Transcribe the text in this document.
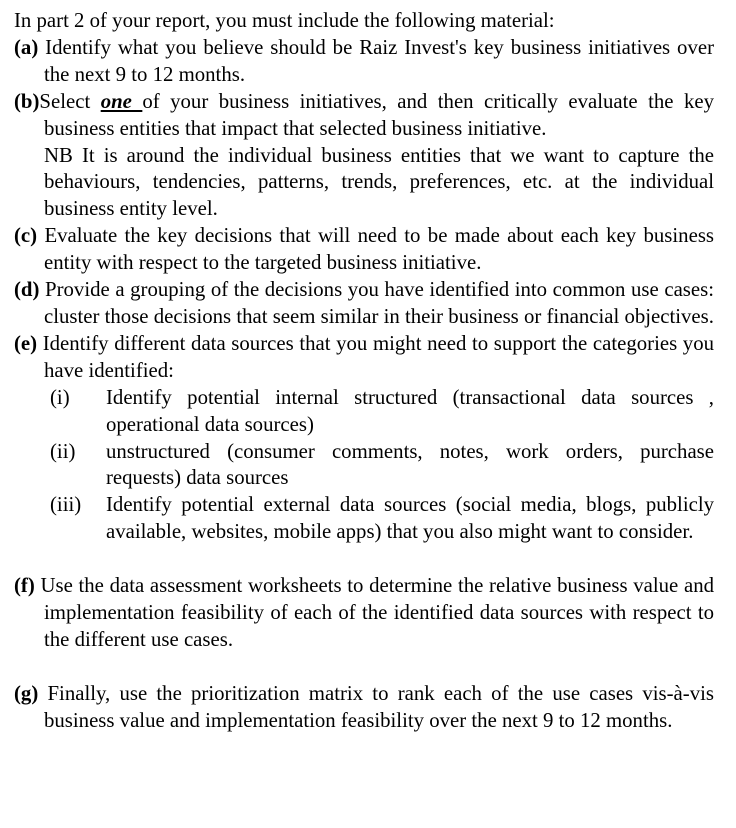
In part 2 of your report, you must include the following material:

(a) Identify what you believe should be Raiz Invest's key business initiatives over the next 9 to 12 months.
(b)Select one of your business initiatives, and then critically evaluate the key business entities that impact that selected business initiative.
NB It is around the individual business entities that we want to capture the behaviours, tendencies, patterns, trends, preferences, etc. at the individual business entity level.
(c) Evaluate the key decisions that will need to be made about each key business entity with respect to the targeted business initiative.
(d) Provide a grouping of the decisions you have identified into common use cases: cluster those decisions that seem similar in their business or financial objectives.
(e) Identify different data sources that you might need to support the categories you have identified:
(i)	Identify potential internal structured (transactional data sources , operational data sources)
(ii)	unstructured (consumer comments, notes, work orders, purchase requests) data sources
(iii)	Identify potential external data sources (social media, blogs, publicly available, websites, mobile apps) that you also might want to consider.
(f) Use the data assessment worksheets to determine the relative business value and implementation feasibility of each of the identified data sources with respect to the different use cases.
(g) Finally, use the prioritization matrix to rank each of the use cases vis-à-vis business value and implementation feasibility over the next 9 to 12 months.
